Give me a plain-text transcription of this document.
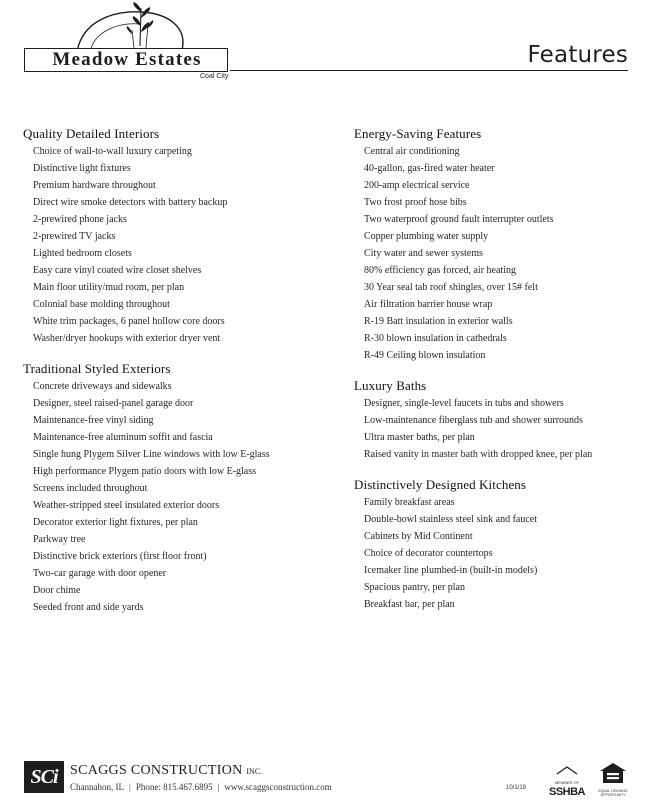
Meadow Estates
Coal City
Features
Quality Detailed Interiors
Choice of wall-to-wall luxury carpeting
Distinctive light fixtures
Premium hardware throughout
Direct wire smoke detectors with battery backup
2-prewired phone jacks
2-prewired TV jacks
Lighted bedroom closets
Easy care vinyl coated wire closet shelves
Main floor utility/mud room, per plan
Colonial base molding throughout
White trim packages, 6 panel hollow core doors
Washer/dryer hookups with exterior dryer vent
Traditional Styled Exteriors
Concrete driveways and sidewalks
Designer, steel raised-panel garage door
Maintenance-free vinyl siding
Maintenance-free aluminum soffit and fascia
Single hung Plygem Silver Line windows with low E-glass
High performance Plygem patio doors with low E-glass
Screens included throughout
Weather-stripped steel insulated exterior doors
Decorator exterior light fixtures, per plan
Parkway tree
Distinctive brick exteriors (first floor front)
Two-car garage with door opener
Door chime
Seeded front and side yards
Energy-Saving Features
Central air conditioning
40-gallon, gas-fired water heater
200-amp electrical service
Two frost proof hose bibs
Two waterproof ground fault interrupter outlets
Copper plumbing water supply
City water and sewer systems
80% efficiency gas forced, air heating
30 Year seal tab roof shingles, over 15# felt
Air filtration barrier house wrap
R-19 Batt insulation in exterior walls
R-30 blown insulation in cathedrals
R-49 Ceiling blown insulation
Luxury Baths
Designer, single-level faucets in tubs and showers
Low-maintenance fiberglass tub and shower surrounds
Ultra master baths, per plan
Raised vanity in master bath with dropped knee, per plan
Distinctively Designed Kitchens
Family breakfast areas
Double-bowl stainless steel sink and faucet
Cabinets by Mid Continent
Choice of decorator countertops
Icemaker line plumbed-in (built-in models)
Spacious pantry, per plan
Breakfast bar, per plan
SCi SCAGGS CONSTRUCTION INC.
Channahon, IL | Phone: 815.467.6895 | www.scaggsconstruction.com	10/1/19
MEMBER OF
SSHBA	EQUAL HOUSING OPPORTUNITY
